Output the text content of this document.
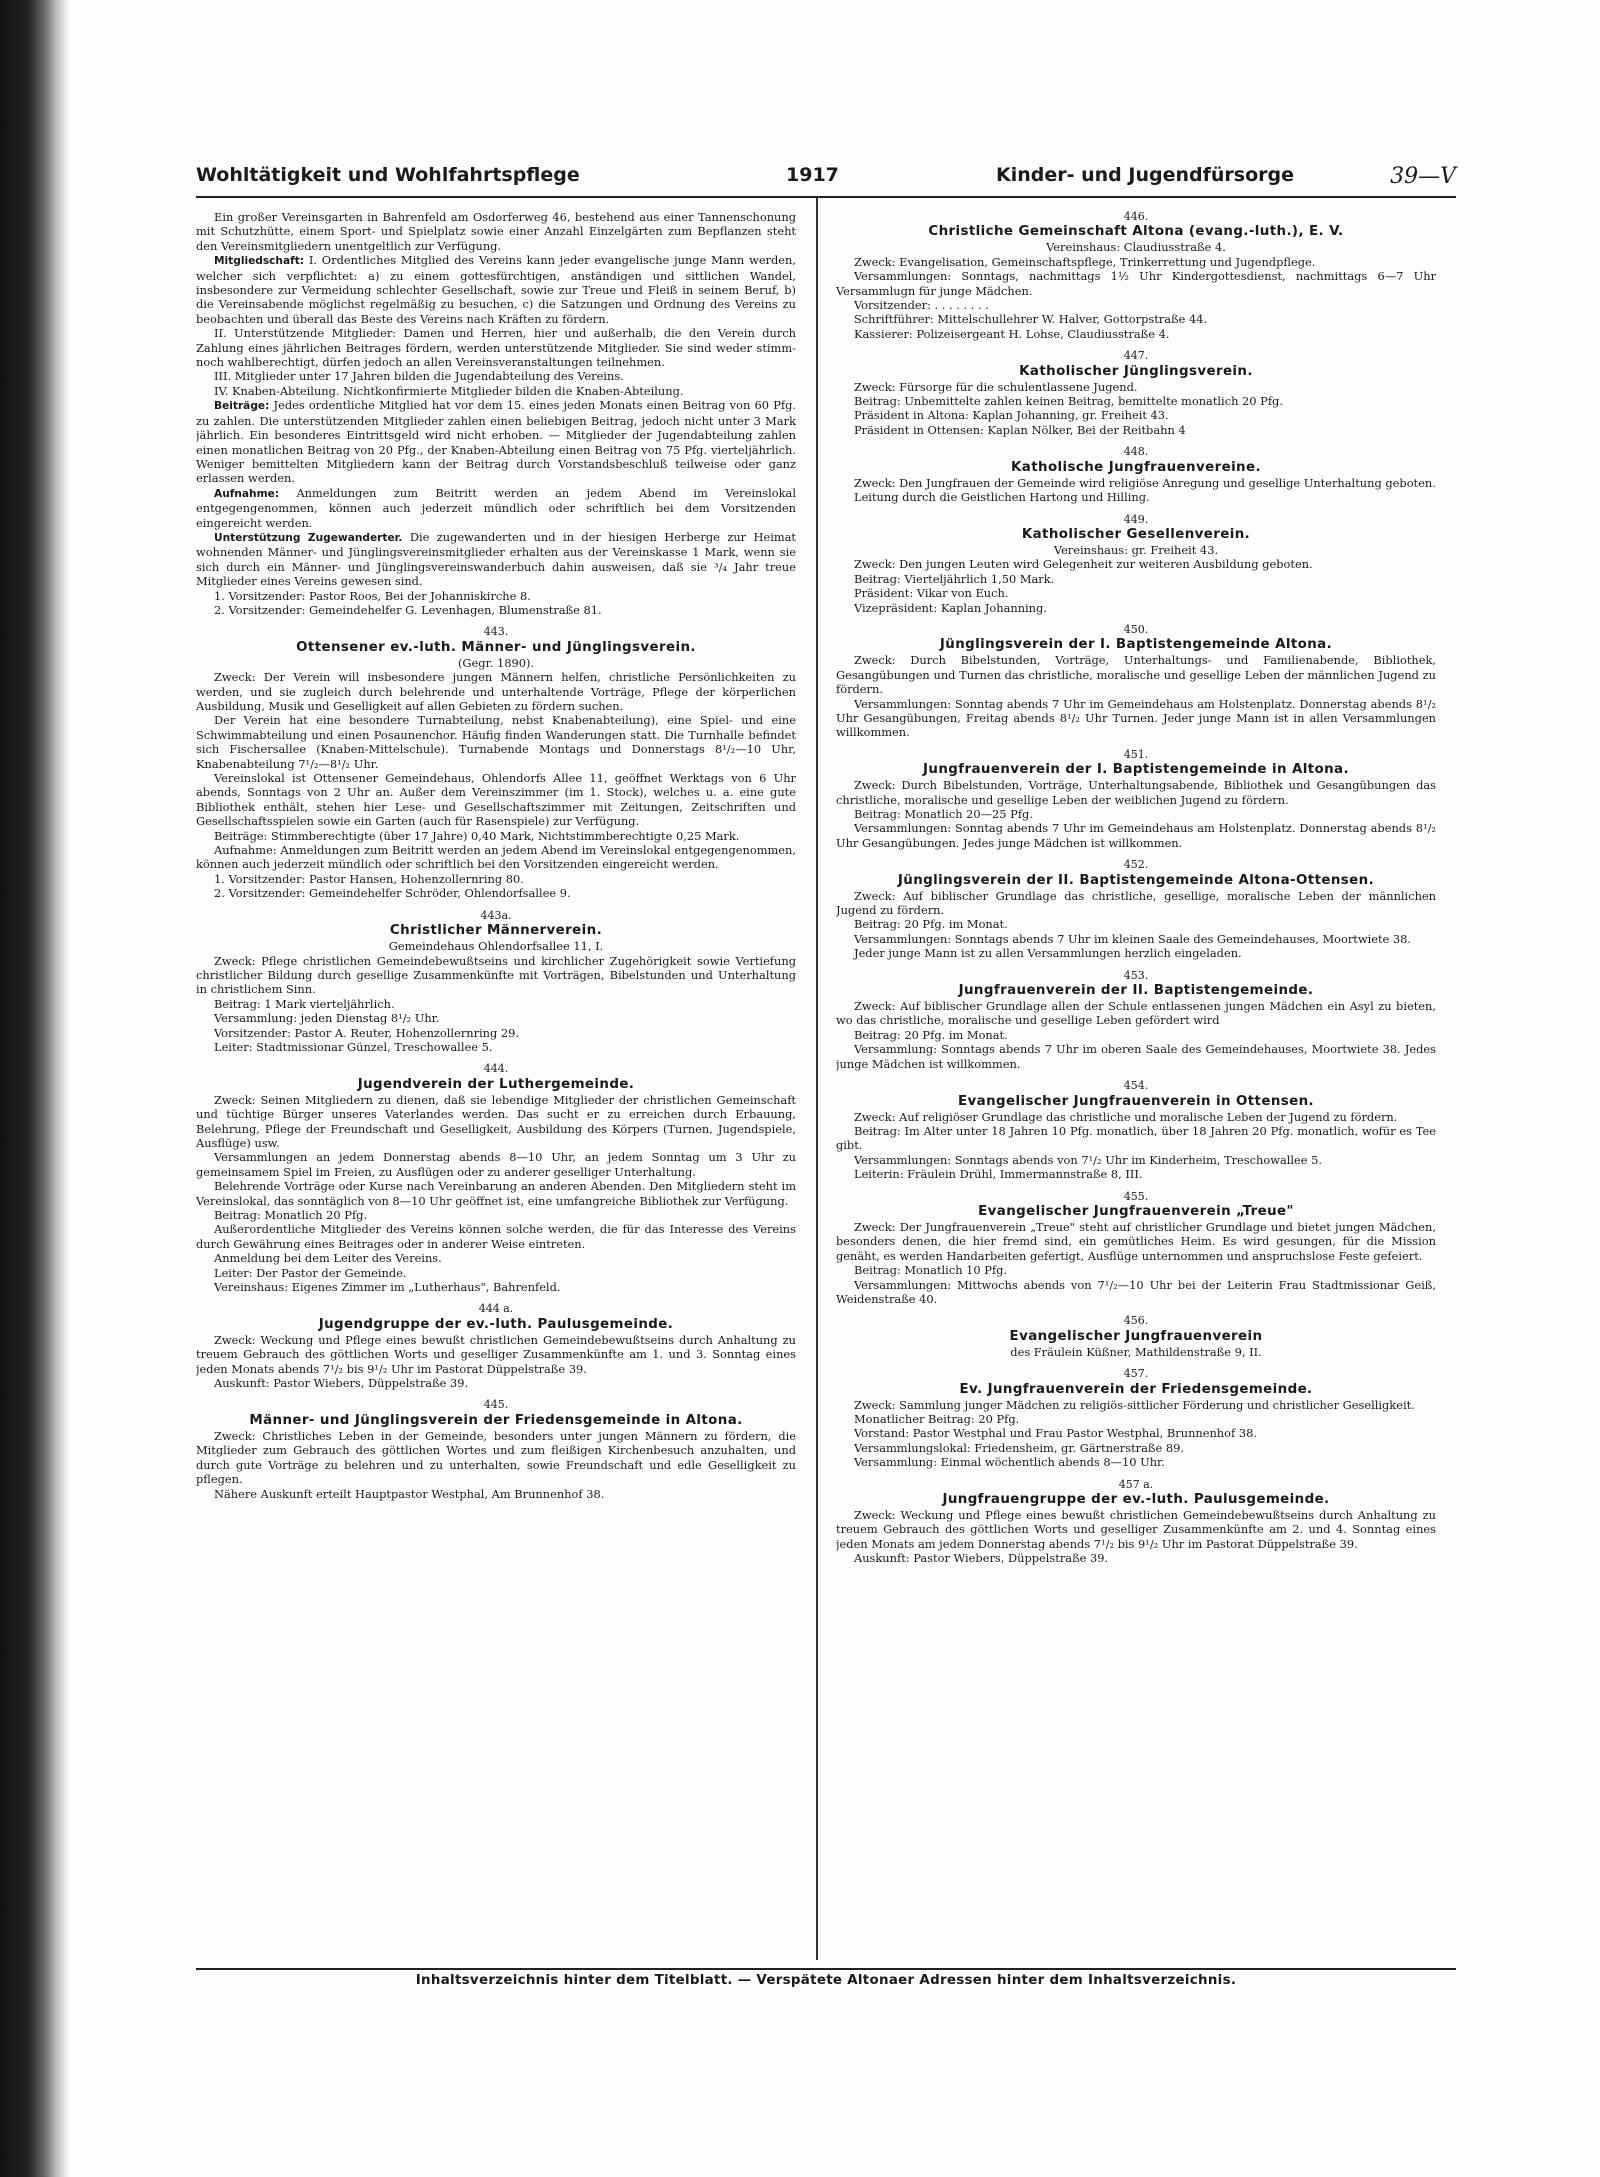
Wohltätigkeit und Wohlfahrtspflege	1917	Kinder- und Jugendfürsorge	39—V

Ein großer Vereinsgarten in Bahrenfeld am Osdorferweg 46, bestehend aus einer Tannenschonung mit Schutzhütte, einem Sport- und Spielplatz sowie einer Anzahl Einzelgärten zum Bepflanzen steht den Vereinsmitgliedern unentgeltlich zur Verfügung.

Mitgliedschaft: I. Ordentliches Mitglied des Vereins kann jeder evangelische junge Mann werden, welcher sich verpflichtet: a) zu einem gottesfürchtigen, anständigen und sittlichen Wandel, insbesondere zur Vermeidung schlechter Gesellschaft, sowie zur Treue und Fleiß in seinem Beruf, b) die Vereinsabende möglichst regelmäßig zu besuchen, c) die Satzungen und Ordnung des Vereins zu beobachten und überall das Beste des Vereins nach Kräften zu fördern.

II. Unterstützende Mitglieder: Damen und Herren, hier und außerhalb, die den Verein durch Zahlung eines jährlichen Beitrages fördern, werden unterstützende Mitglieder. Sie sind weder stimm- noch wahlberechtigt, dürfen jedoch an allen Vereinsveranstaltungen teilnehmen.

III. Mitglieder unter 17 Jahren bilden die Jugendabteilung des Vereins.

IV. Knaben-Abteilung. Nichtkonfirmierte Mitglieder bilden die Knaben-Abteilung.

Beiträge: Jedes ordentliche Mitglied hat vor dem 15. eines jeden Monats einen Beitrag von 60 Pfg. zu zahlen. Die unterstützenden Mitglieder zahlen einen beliebigen Beitrag, jedoch nicht unter 3 Mark jährlich. Ein besonderes Eintrittsgeld wird nicht erhoben. — Mitglieder der Jugendabteilung zahlen einen monatlichen Beitrag von 20 Pfg., der Knaben-Abteilung einen Beitrag von 75 Pfg. vierteljährlich. Weniger bemittelten Mitgliedern kann der Beitrag durch Vorstandsbeschluß teilweise oder ganz erlassen werden.

Aufnahme: Anmeldungen zum Beitritt werden an jedem Abend im Vereinslokal entgegengenommen, können auch jederzeit mündlich oder schriftlich bei dem Vorsitzenden eingereicht werden.

Unterstützung Zugewanderter. Die zugewanderten und in der hiesigen Herberge zur Heimat wohnenden Männer- und Jünglingsvereinsmitglieder erhalten aus der Vereinskasse 1 Mark, wenn sie sich durch ein Männer- und Jünglingsvereinswanderbuch dahin ausweisen, daß sie ³/₄ Jahr treue Mitglieder eines Vereins gewesen sind.

1. Vorsitzender: Pastor Roos, Bei der Johanniskirche 8.

2. Vorsitzender: Gemeindehelfer G. Levenhagen, Blumenstraße 81.

443.

Ottensener ev.-luth. Männer- und Jünglingsverein.

(Gegr. 1890).

Zweck: Der Verein will insbesondere jungen Männern helfen, christliche Persönlichkeiten zu werden, und sie zugleich durch belehrende und unterhaltende Vorträge, Pflege der körperlichen Ausbildung, Musik und Geselligkeit auf allen Gebieten zu fördern suchen.

Der Verein hat eine besondere Turnabteilung, nebst Knabenabteilung), eine Spiel- und eine Schwimmabteilung und einen Posaunenchor. Häufig finden Wanderungen statt. Die Turnhalle befindet sich Fischersallee (Knaben-Mittelschule). Turnabende Montags und Donnerstags 8¹/₂—10 Uhr, Knabenabteilung 7¹/₂—8¹/₂ Uhr.

Vereinslokal ist Ottensener Gemeindehaus, Ohlendorfs Allee 11, geöffnet Werktags von 6 Uhr abends, Sonntags von 2 Uhr an. Außer dem Vereinszimmer (im 1. Stock), welches u. a. eine gute Bibliothek enthält, stehen hier Lese- und Gesellschaftszimmer mit Zeitungen, Zeitschriften und Gesellschaftsspielen sowie ein Garten (auch für Rasenspiele) zur Verfügung.

Beiträge: Stimmberechtigte (über 17 Jahre) 0,40 Mark, Nichtstimmberechtigte 0,25 Mark.

Aufnahme: Anmeldungen zum Beitritt werden an jedem Abend im Vereinslokal entgegengenommen, können auch jederzeit mündlich oder schriftlich bei den Vorsitzenden eingereicht werden.

1. Vorsitzender: Pastor Hansen, Hohenzollernring 80.

2. Vorsitzender: Gemeindehelfer Schröder, Ohlendorfsallee 9.

443a.

Christlicher Männerverein.

Gemeindehaus Ohlendorfsallee 11, I.

Zweck: Pflege christlichen Gemeindebewußtseins und kirchlicher Zugehörigkeit sowie Vertiefung christlicher Bildung durch gesellige Zusammenkünfte mit Vorträgen, Bibelstunden und Unterhaltung in christlichem Sinn.

Beitrag: 1 Mark vierteljährlich.

Versammlung: jeden Dienstag 8¹/₂ Uhr.

Vorsitzender: Pastor A. Reuter, Hohenzollernring 29.

Leiter: Stadtmissionar Günzel, Treschowallee 5.

444.

Jugendverein der Luthergemeinde.

Zweck: Seinen Mitgliedern zu dienen, daß sie lebendige Mitglieder der christlichen Gemeinschaft und tüchtige Bürger unseres Vaterlandes werden. Das sucht er zu erreichen durch Erbauung, Belehrung, Pflege der Freundschaft und Geselligkeit, Ausbildung des Körpers (Turnen, Jugendspiele, Ausflüge) usw.

Versammlungen an jedem Donnerstag abends 8—10 Uhr, an jedem Sonntag um 3 Uhr zu gemeinsamem Spiel im Freien, zu Ausflügen oder zu anderer geselliger Unterhaltung.

Belehrende Vorträge oder Kurse nach Vereinbarung an anderen Abenden. Den Mitgliedern steht im Vereinslokal, das sonntäglich von 8—10 Uhr geöffnet ist, eine umfangreiche Bibliothek zur Verfügung.

Beitrag: Monatlich 20 Pfg.

Außerordentliche Mitglieder des Vereins können solche werden, die für das Interesse des Vereins durch Gewährung eines Beitrages oder in anderer Weise eintreten.

Anmeldung bei dem Leiter des Vereins.

Leiter: Der Pastor der Gemeinde.

Vereinshaus: Eigenes Zimmer im „Lutherhaus", Bahrenfeld.

444 a.

Jugendgruppe der ev.-luth. Paulusgemeinde.

Zweck: Weckung und Pflege eines bewußt christlichen Gemeindebewußtseins durch Anhaltung zu treuem Gebrauch des göttlichen Worts und geselliger Zusammenkünfte am 1. und 3. Sonntag eines jeden Monats abends 7¹/₂ bis 9¹/₂ Uhr im Pastorat Düppelstraße 39.

Auskunft: Pastor Wiebers, Düppelstraße 39.

445.

Männer- und Jünglingsverein der Friedensgemeinde in Altona.

Zweck: Christliches Leben in der Gemeinde, besonders unter jungen Männern zu fördern, die Mitglieder zum Gebrauch des göttlichen Wortes und zum fleißigen Kirchenbesuch anzuhalten, und durch gute Vorträge zu belehren und zu unterhalten, sowie Freundschaft und edle Geselligkeit zu pflegen.

Nähere Auskunft erteilt Hauptpastor Westphal, Am Brunnenhof 38.

446.

Christliche Gemeinschaft Altona (evang.-luth.), E. V.

Vereinshaus: Claudiusstraße 4.

Zweck: Evangelisation, Gemeinschaftspflege, Trinkerrettung und Jugendpflege.

Versammlungen: Sonntags, nachmittags 1½ Uhr Kindergottesdienst, nachmittags 6—7 Uhr Versammlugn für junge Mädchen.

Vorsitzender: . . . . . . . .

Schriftführer: Mittelschullehrer W. Halver, Gottorpstraße 44.

Kassierer: Polizeisergeant H. Lohse, Claudiusstraße 4.

447.

Katholischer Jünglingsverein.

Zweck: Fürsorge für die schulentlassene Jugend.

Beitrag: Unbemittelte zahlen keinen Beitrag, bemittelte monatlich 20 Pfg.

Präsident in Altona: Kaplan Johanning, gr. Freiheit 43.

Präsident in Ottensen: Kaplan Nölker, Bei der Reitbahn 4

448.

Katholische Jungfrauenvereine.

Zweck: Den Jungfrauen der Gemeinde wird religiöse Anregung und gesellige Unterhaltung geboten.

Leitung durch die Geistlichen Hartong und Hilling.

449.

Katholischer Gesellenverein.

Vereinshaus: gr. Freiheit 43.

Zweck: Den jungen Leuten wird Gelegenheit zur weiteren Ausbildung geboten.

Beitrag: Vierteljährlich 1,50 Mark.

Präsident: Vikar von Euch.

Vizepräsident: Kaplan Johanning.

450.

Jünglingsverein der I. Baptistengemeinde Altona.

Zweck: Durch Bibelstunden, Vorträge, Unterhaltungs- und Familienabende, Bibliothek, Gesangübungen und Turnen das christliche, moralische und gesellige Leben der männlichen Jugend zu fördern.

Versammlungen: Sonntag abends 7 Uhr im Gemeindehaus am Holstenplatz. Donnerstag abends 8¹/₂ Uhr Gesangübungen, Freitag abends 8¹/₂ Uhr Turnen. Jeder junge Mann ist in allen Versammlungen willkommen.

451.

Jungfrauenverein der I. Baptistengemeinde in Altona.

Zweck: Durch Bibelstunden, Vorträge, Unterhaltungsabende, Bibliothek und Gesangübungen das christliche, moralische und gesellige Leben der weiblichen Jugend zu fördern.

Beitrag: Monatlich 20—25 Pfg.

Versammlungen: Sonntag abends 7 Uhr im Gemeindehaus am Holstenplatz. Donnerstag abends 8¹/₂ Uhr Gesangübungen. Jedes junge Mädchen ist willkommen.

452.

Jünglingsverein der II. Baptistengemeinde Altona-Ottensen.

Zweck: Auf biblischer Grundlage das christliche, gesellige, moralische Leben der männlichen Jugend zu fördern.

Beitrag: 20 Pfg. im Monat.

Versammlungen: Sonntags abends 7 Uhr im kleinen Saale des Gemeindehauses, Moortwiete 38.

Jeder junge Mann ist zu allen Versammlungen herzlich eingeladen.

453.

Jungfrauenverein der II. Baptistengemeinde.

Zweck: Auf biblischer Grundlage allen der Schule entlassenen jungen Mädchen ein Asyl zu bieten, wo das christliche, moralische und gesellige Leben gefördert wird

Beitrag: 20 Pfg. im Monat.

Versammlung: Sonntags abends 7 Uhr im oberen Saale des Gemeindehauses, Moortwiete 38. Jedes junge Mädchen ist willkommen.

454.

Evangelischer Jungfrauenverein in Ottensen.

Zweck: Auf religiöser Grundlage das christliche und moralische Leben der Jugend zu fördern.

Beitrag: Im Alter unter 18 Jahren 10 Pfg. monatlich, über 18 Jahren 20 Pfg. monatlich, wofür es Tee gibt.

Versammlungen: Sonntags abends von 7¹/₂ Uhr im Kinderheim, Treschowallee 5.

Leiterin: Fräulein Drühl, Immermannstraße 8, III.

455.

Evangelischer Jungfrauenverein „Treue"

Zweck: Der Jungfrauenverein „Treue" steht auf christlicher Grundlage und bietet jungen Mädchen, besonders denen, die hier fremd sind, ein gemütliches Heim. Es wird gesungen, für die Mission genäht, es werden Handarbeiten gefertigt, Ausflüge unternommen und anspruchslose Feste gefeiert.

Beitrag: Monatlich 10 Pfg.

Versammlungen: Mittwochs abends von 7¹/₂—10 Uhr bei der Leiterin Frau Stadtmissionar Geiß, Weidenstraße 40.

456.

Evangelischer Jungfrauenverein

des Fräulein Küßner, Mathildenstraße 9, II.

457.

Ev. Jungfrauenverein der Friedensgemeinde.

Zweck: Sammlung junger Mädchen zu religiös-sittlicher Förderung und christlicher Geselligkeit.

Monatlicher Beitrag: 20 Pfg.

Vorstand: Pastor Westphal und Frau Pastor Westphal, Brunnenhof 38.

Versammlungslokal: Friedensheim, gr. Gärtnerstraße 89.

Versammlung: Einmal wöchentlich abends 8—10 Uhr.

457 a.

Jungfrauengruppe der ev.-luth. Paulusgemeinde.

Zweck: Weckung und Pflege eines bewußt christlichen Gemeindebewußtseins durch Anhaltung zu treuem Gebrauch des göttlichen Worts und geselliger Zusammenkünfte am 2. und 4. Sonntag eines jeden Monats am jedem Donnerstag abends 7¹/₂ bis 9¹/₂ Uhr im Pastorat Düppelstraße 39.

Auskunft: Pastor Wiebers, Düppelstraße 39.

Inhaltsverzeichnis hinter dem Titelblatt. — Verspätete Altonaer Adressen hinter dem Inhaltsverzeichnis.
